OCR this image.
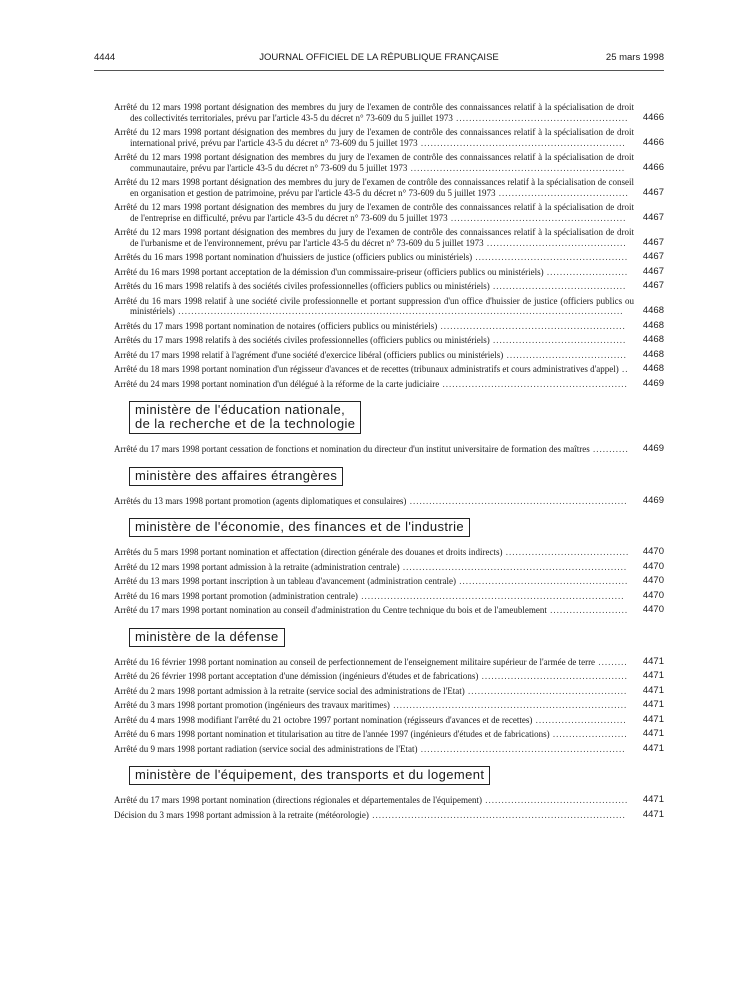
4444	JOURNAL OFFICIEL DE LA RÉPUBLIQUE FRANÇAISE	25 mars 1998
Arrêté du 12 mars 1998 portant désignation des membres du jury de l'examen de contrôle des connaissances relatif à la spécialisation de droit des collectivités territoriales, prévu par l'article 43-5 du décret n° 73-609 du 5 juillet 1973 .....................................................	4466
Arrêté du 12 mars 1998 portant désignation des membres du jury de l'examen de contrôle des connaissances relatif à la spécialisation de droit international privé, prévu par l'article 43-5 du décret n° 73-609 du 5 juillet 1973 ...............................................................	4466
Arrêté du 12 mars 1998 portant désignation des membres du jury de l'examen de contrôle des connaissances relatif à la spécialisation de droit communautaire, prévu par l'article 43-5 du décret n° 73-609 du 5 juillet 1973 ..................................................................	4466
Arrêté du 12 mars 1998 portant désignation des membres du jury de l'examen de contrôle des connaissances relatif à la spécialisation de conseil en organisation et gestion de patrimoine, prévu par l'article 43-5 du décret n° 73-609 du 5 juillet 1973 ........................................	4467
Arrêté du 12 mars 1998 portant désignation des membres du jury de l'examen de contrôle des connaissances relatif à la spécialisation de droit de l'entreprise en difficulté, prévu par l'article 43-5 du décret n° 73-609 du 5 juillet 1973 ......................................................	4467
Arrêté du 12 mars 1998 portant désignation des membres du jury de l'examen de contrôle des connaissances relatif à la spécialisation de droit de l'urbanisme et de l'environnement, prévu par l'article 43-5 du décret n° 73-609 du 5 juillet 1973 ...........................................	4467
Arrêtés du 16 mars 1998 portant nomination d'huissiers de justice (officiers publics ou ministériels) ...............................................	4467
Arrêté du 16 mars 1998 portant acceptation de la démission d'un commissaire-priseur (officiers publics ou ministériels) .........................	4467
Arrêtés du 16 mars 1998 relatifs à des sociétés civiles professionnelles (officiers publics ou ministériels) .........................................	4467
Arrêté du 16 mars 1998 relatif à une société civile professionnelle et portant suppression d'un office d'huissier de justice (officiers publics ou ministériels) .........................................................................................................................................	4468
Arrêtés du 17 mars 1998 portant nomination de notaires (officiers publics ou ministériels) .........................................................	4468
Arrêtés du 17 mars 1998 relatifs à des sociétés civiles professionnelles (officiers publics ou ministériels) .........................................	4468
Arrêté du 17 mars 1998 relatif à l'agrément d'une société d'exercice libéral (officiers publics ou ministériels) .....................................	4468
Arrêté du 18 mars 1998 portant nomination d'un régisseur d'avances et de recettes (tribunaux administratifs et cours administratives d'appel) ..	4468
Arrêté du 24 mars 1998 portant nomination d'un délégué à la réforme de la carte judiciaire .........................................................	4469
ministère de l'éducation nationale,
de la recherche et de la technologie
Arrêté du 17 mars 1998 portant cessation de fonctions et nomination du directeur d'un institut universitaire de formation des maîtres ...........	4469
ministère des affaires étrangères
Arrêtés du 13 mars 1998 portant promotion (agents diplomatiques et consulaires) ...................................................................	4469
ministère de l'économie, des finances et de l'industrie
Arrêtés du 5 mars 1998 portant nomination et affectation (direction générale des douanes et droits indirects) ......................................	4470
Arrêté du 12 mars 1998 portant admission à la retraite (administration centrale) .....................................................................	4470
Arrêté du 13 mars 1998 portant inscription à un tableau d'avancement (administration centrale) ....................................................	4470
Arrêté du 16 mars 1998 portant promotion (administration centrale) .................................................................................	4470
Arrêté du 17 mars 1998 portant nomination au conseil d'administration du Centre technique du bois et de l'ameublement ........................	4470
ministère de la défense
Arrêté du 16 février 1998 portant nomination au conseil de perfectionnement de l'enseignement militaire supérieur de l'armée de terre .........	4471
Arrêté du 26 février 1998 portant acceptation d'une démission (ingénieurs d'études et de fabrications) .............................................	4471
Arrêté du 2 mars 1998 portant admission à la retraite (service social des administrations de l'Etat) .................................................	4471
Arrêté du 3 mars 1998 portant promotion (ingénieurs des travaux maritimes) ........................................................................	4471
Arrêté du 4 mars 1998 modifiant l'arrêté du 21 octobre 1997 portant nomination (régisseurs d'avances et de recettes) ............................	4471
Arrêté du 6 mars 1998 portant nomination et titularisation au titre de l'année 1997 (ingénieurs d'études et de fabrications) .......................	4471
Arrêté du 9 mars 1998 portant radiation (service social des administrations de l'Etat) ...............................................................	4471
ministère de l'équipement, des transports et du logement
Arrêté du 17 mars 1998 portant nomination (directions régionales et départementales de l'équipement) ............................................	4471
Décision du 3 mars 1998 portant admission à la retraite (météorologie) ..............................................................................	4471
